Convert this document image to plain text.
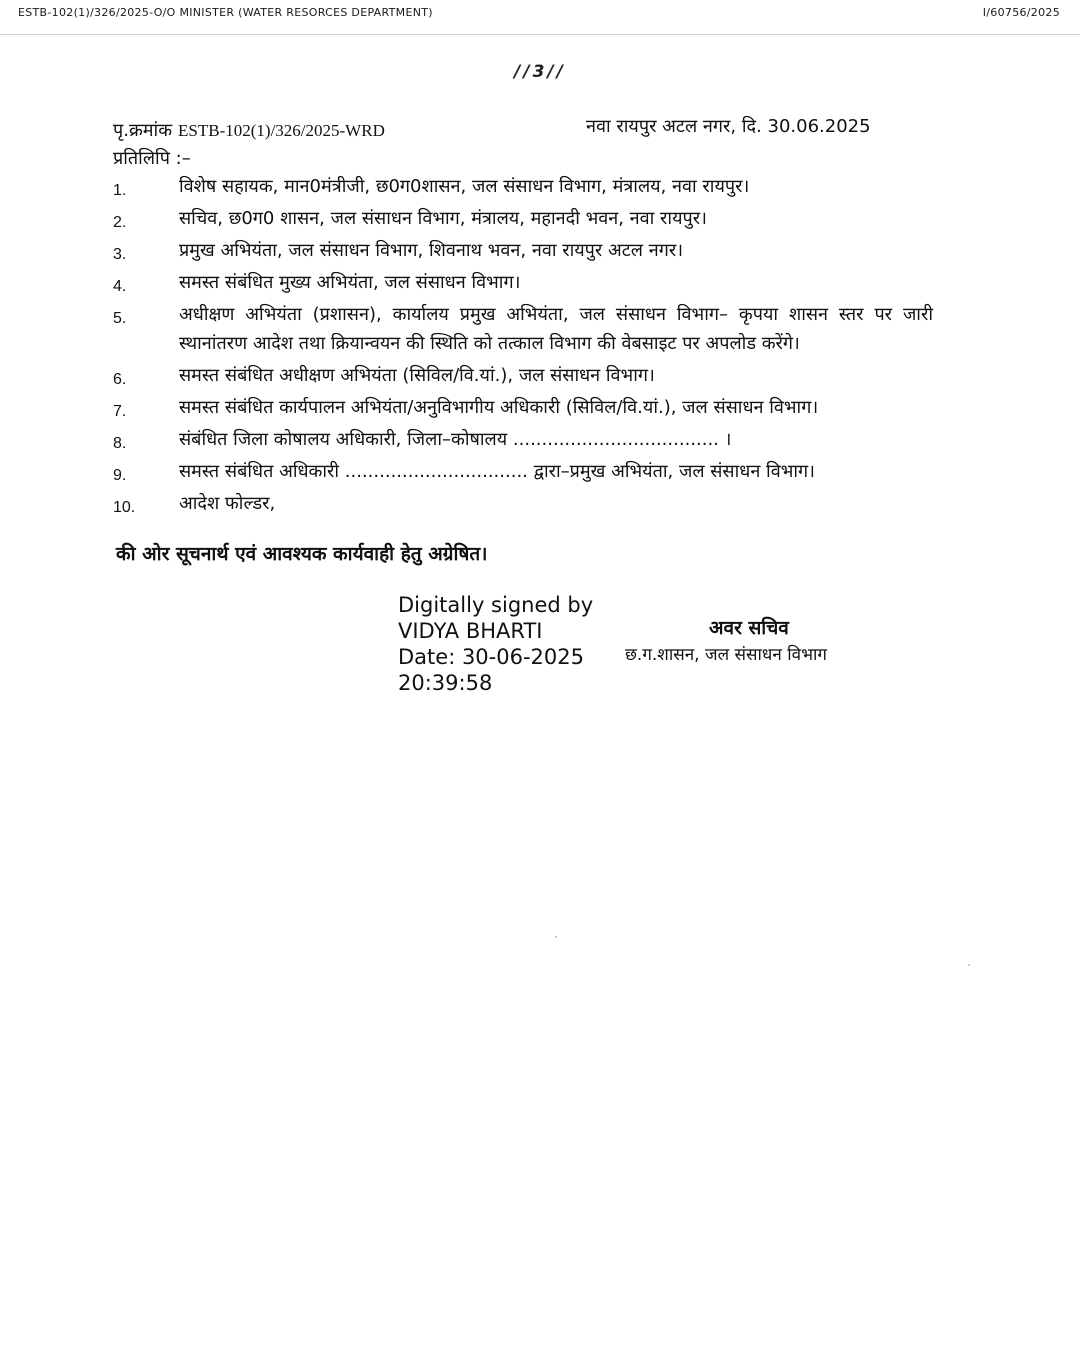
ESTB-102(1)/326/2025-O/O MINISTER (WATER RESORCES DEPARTMENT)	I/60756/2025
//3//
पृ.क्रमांक ESTB-102(1)/326/2025-WRD	नवा रायपुर अटल नगर, दि. 30.06.2025
प्रतिलिपि :–
1.	विशेष सहायक, मान0मंत्रीजी, छ0ग0शासन, जल संसाधन विभाग, मंत्रालय, नवा रायपुर।
2.	सचिव, छ0ग0 शासन, जल संसाधन विभाग, मंत्रालय, महानदी भवन, नवा रायपुर।
3.	प्रमुख अभियंता, जल संसाधन विभाग, शिवनाथ भवन, नवा रायपुर अटल नगर।
4.	समस्त संबंधित मुख्य अभियंता, जल संसाधन विभाग।
5.	अधीक्षण अभियंता (प्रशासन), कार्यालय प्रमुख अभियंता, जल संसाधन विभाग– कृपया शासन स्तर पर जारी स्थानांतरण आदेश तथा क्रियान्वयन की स्थिति को तत्काल विभाग की वेबसाइट पर अपलोड करेंगे।
6.	समस्त संबंधित अधीक्षण अभियंता (सिविल/वि.यां.), जल संसाधन विभाग।
7.	समस्त संबंधित कार्यपालन अभियंता/अनुविभागीय अधिकारी (सिविल/वि.यां.), जल संसाधन विभाग।
8.	संबंधित जिला कोषालय अधिकारी, जिला–कोषालय .................................... ।
9.	समस्त संबंधित अधिकारी ................................ द्वारा–प्रमुख अभियंता, जल संसाधन विभाग।
10.	आदेश फोल्डर,
की ओर सूचनार्थ एवं आवश्यक कार्यवाही हेतु अग्रेषित।
Digitally signed by
VIDYA BHARTI
Date: 30-06-2025
20:39:58
अवर सचिव
छ.ग.शासन, जल संसाधन विभाग
